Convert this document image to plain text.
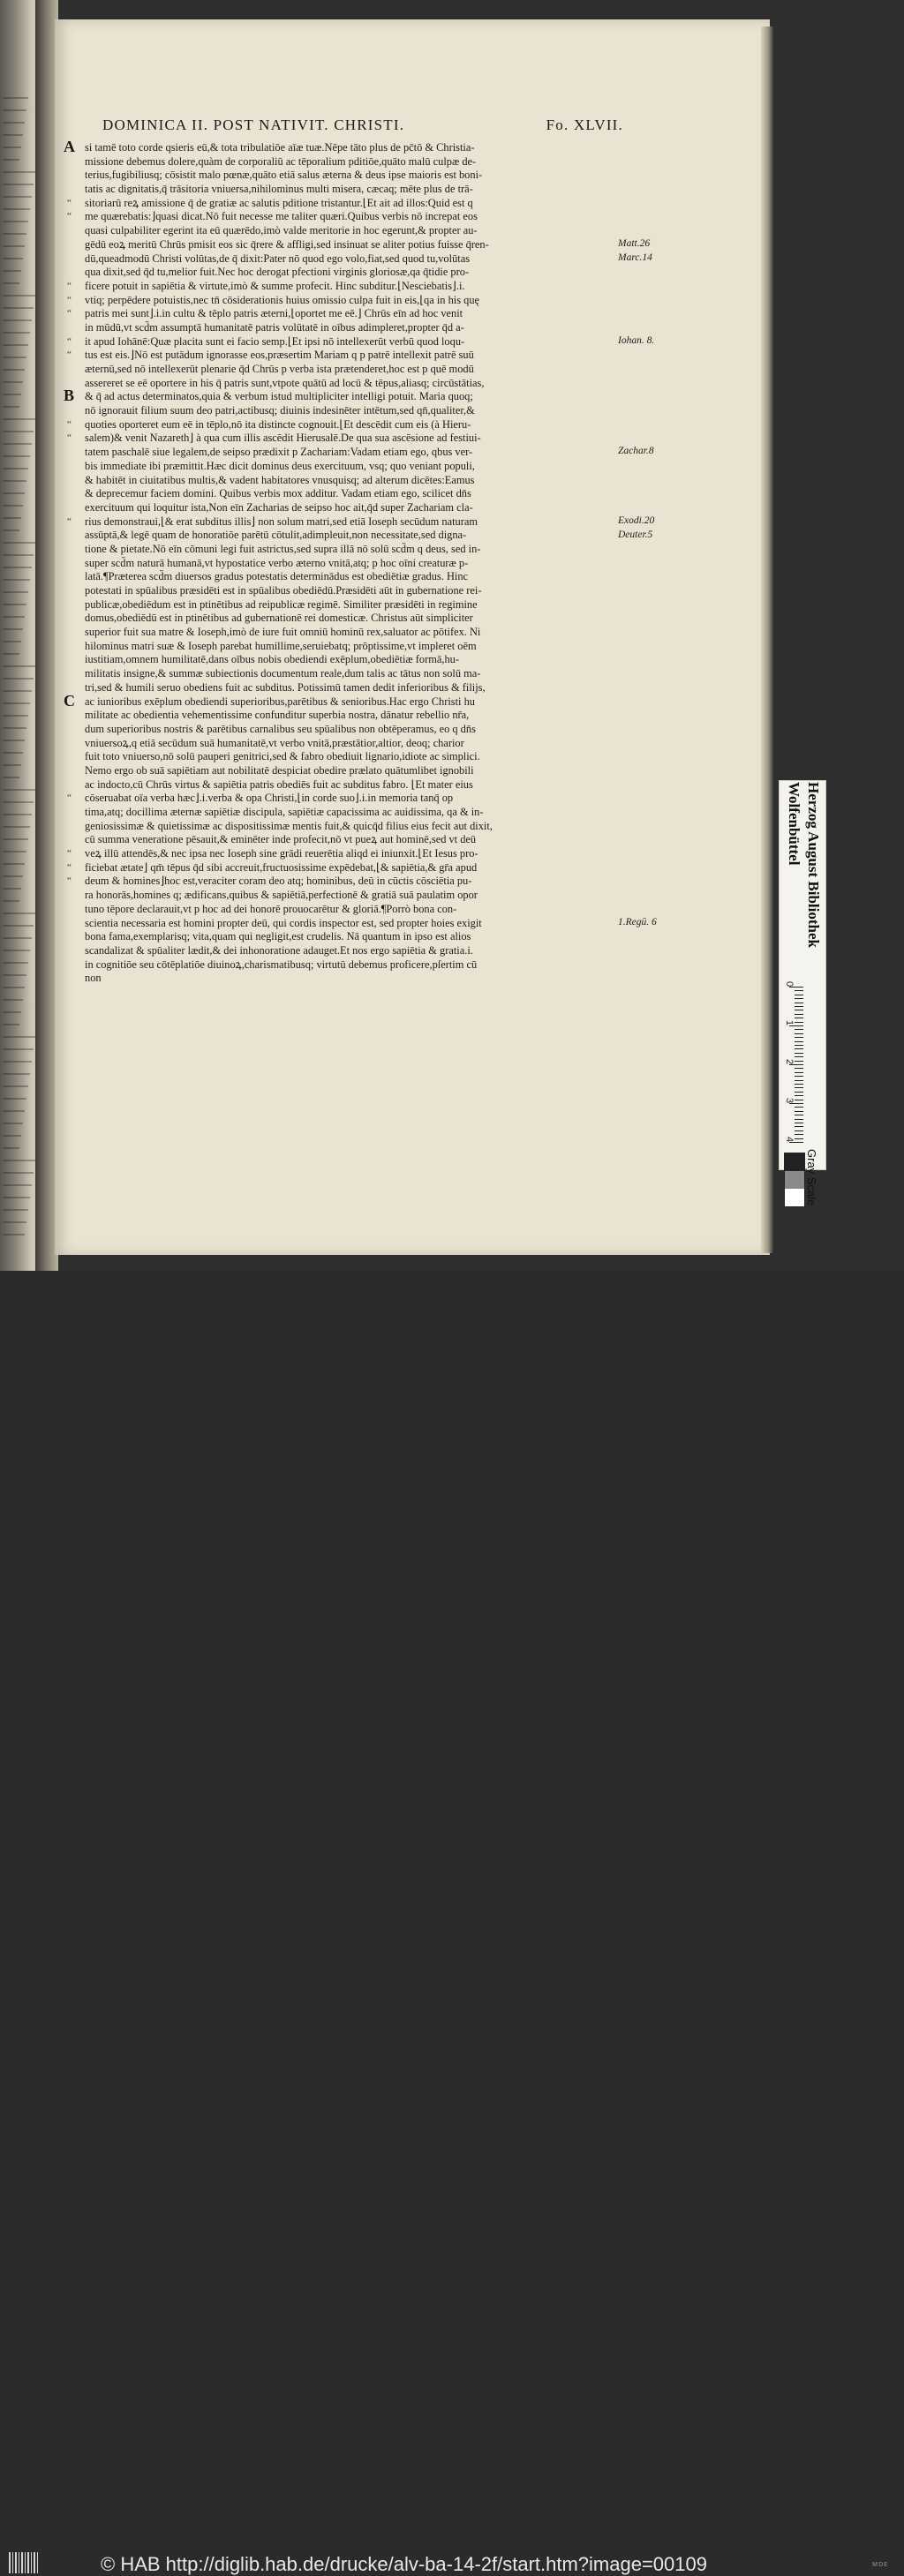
DOMINICA II. POST NATIVIT. CHRISTI.	Fo. XLVII.
A si tamē toto corde qsieris eū,& tota tribulatiōe aīæ tuæ.Nēpe tāto plus de pc̄tō & Christia-
missione debemus dolere,quàm de corporaliū ac tēporalium pditiōe,quāto malū culpæ de-
terius,fugibiliusq; cōsistit malo pœnæ,quāto etiā salus æterna & deus ipse maioris est boni-
tatis ac dignitatis,q̄ trāsitoria vniuersa,nihilominus multi misera, cæcaq; mēte plus de trā-
“ sitoriarū reꝝ amissione q̄ de gratiæ ac salutis pditione tristantur.⌊Et ait ad illos:Quid est q
“ me quærebatis:⌋quasi dicat.Nō fuit necesse me taliter quæri.Quibus verbis nō increpat eos
quasi culpabiliter egerint ita eū quærēdo,imò valde meritorie in hoc egerunt,& propter au-
gēdū eoꝝ meritū Chrūs pmisit eos sic q̄rere & affligi,sed insinuat se aliter potius fuisse q̄ren-
dū,queadmodū Christi volūtas,de q̄ dixit:Pater nō quod ego volo,fiat,sed quod tu,volūtas
qua dixit,sed q̄d tu,melior fuit.Nec hoc derogat pfectioni virginis gloriosæ,qa q̄tidie pro-
“ ficere potuit in sapiētia & virtute,imò & summe profecit. Hinc subditur.⌊Nesciebatis⌋.i.
“ vtiq; perpēdere potuistis,nec tn̄ cōsiderationis huius omissio culpa fuit in eis,⌊qa in his quę
“ patris mei sunt⌋.i.in cultu & tēplo patris æterni,⌊oportet me eē.⌋ Chrūs eīn ad hoc venit
in mūdū,vt scd̄m assumptā humanitatē patris volūtatē in oībus adimpleret,propter q̄d a-
“ it apud Iohānē:Quæ placita sunt ei facio semp.⌊Et ipsi nō intellexerūt verbū quod loqu-
“ tus est eis.⌋Nō est putādum ignorasse eos,præsertim Mariam q p patrē intellexit patrē suū
æternū,sed nō intellexerūt plenarie q̄d Chrūs p verba ista prætenderet,hoc est p quē modū
assereret se eē oportere in his q̄ patris sunt,vtpote quātū ad locū & tēpus,aliasq; circūstātias,
B & q̄ ad actus determinatos,quia & verbum istud multipliciter intelligi potuit. Maria quoq;
nō ignorauit filium suum deo patri,actibusq; diuinis indesinēter intētum,sed qn̄,qualiter,&
“ quoties oporteret eum eē in tēplo,nō ita distincte cognouit.⌊Et descēdit cum eis (à Hieru-
“ salem)& venit Nazareth⌋ à qua cum illis ascēdit Hierusalē.De qua sua ascēsione ad festiui-
tatem paschalē siue legalem,de seipso prædixit p Zachariam:Vadam etiam ego, qbus ver-
bis immediate ibi præmittit.Hæc dicit dominus deus exercituum, vsq; quo veniant populi,
& habitēt in ciuitatibus multis,& vadent habitatores vnusquisq; ad alterum dicētes:Eamus
& deprecemur faciem domini. Quibus verbis mox additur. Vadam etiam ego, scilicet dn̄s
exercituum qui loquitur ista,Non eīn Zacharias de seipso hoc ait,q̄d super Zachariam cla-
“ rius demonstraui,⌊& erat subditus illis⌋ non solum matri,sed etiā Ioseph secūdum naturam
assūptā,& legē quam de honoratiōe parētū cōtulit,adimpleuit,non necessitate,sed digna-
tione & pietate.Nō eīn cōmuni legi fuit astrictus,sed supra illā nō solū scd̄m q deus, sed in-
super scd̄m naturā humanā,vt hypostatice verbo æterno vnitā,atq; p hoc oīni creaturæ p-
latā.¶Præterea scd̄m diuersos gradus potestatis determinādus est obediētiæ gradus. Hinc
potestati in spūalibus præsidēti est in spūalibus obediēdū.Præsidēti aūt in gubernatione rei-
publicæ,obediēdum est in ptinētibus ad reipublicæ regimē. Similiter præsidēti in regimine
domus,obediēdū est in ptinētibus ad gubernationē rei domesticæ. Christus aūt simpliciter
superior fuit sua matre & Ioseph,imò de iure fuit omniū hominū rex,saluator ac pōtifex. Ni
hilominus matri suæ & Ioseph parebat humillime,seruiebatq; prōptissime,vt impleret oēm
iustitiam,omnem humilitatē,dans oībus nobis obediendi exēplum,obediētiæ formā,hu-
militatis insigne,& summæ subiectionis documentum reale,dum talis ac tātus non solū ma-
tri,sed & humili seruo obediens fuit ac subditus. Potissimū tamen dedit inferioribus & filijs,
C ac iunioribus exēplum obediendi superioribus,parētibus & senioribus.Hac ergo Christi hu
militate ac obedientia vehementissime confunditur superbia nostra, dānatur rebellio nr̄a,
dum superioribus nostris & parētibus carnalibus seu spūalibus non obtēperamus, eo q dn̄s
vniuersoꝝ,q etiā secūdum suā humanitatē,vt verbo vnitā,præstātior,altior, deoq; charior
fuit toto vniuerso,nō solū pauperi genitrici,sed & fabro obediuit lignario,idiote ac simplici.
Nemo ergo ob suā sapiētiam aut nobilitatē despiciat obedire prælato quātumlibet ignobili
ac indocto,cū Chrūs virtus & sapiētia patris obediēs fuit ac subditus fabro. ⌊Et mater eius
“ cōseruabat oīa verba hæc⌋.i.verba & opa Christi,⌊in corde suo⌋.i.in memoria tanq̄ op
tima,atq; docillima æternæ sapiētiæ discipula, sapiētiæ capacissima ac auidissima, qa & in-
geniosissimæ & quietissimæ ac dispositissimæ mentis fuit,& quicq̄d filius eius fecit aut dixit,
cū summa veneratione pēsauit,& eminēter inde profecit,nō vt pueꝝ aut hominē,sed vt deū
“ veꝝ illū attendēs,& nec ipsa nec Ioseph sine grādi reuerētia aliqd ei iniunxit.⌊Et Iesus pro-
“ ficiebat ætate⌋ qm̄ tēpus q̄d sibi accreuit,fructuosissime expēdebat,⌊& sapiētia,& gr̄a apud
“ deum & homines⌋hoc est,veraciter coram deo atq; hominibus, deū in cūctis cōsciētia pu-
ra honorās,homines q; ædificans,quibus & sapiētiā,perfectionē & gratiā suā paulatim opor
tuno tēpore declarauit,vt p hoc ad dei honorē prouocarētur & gloriā.¶Porrò bona con-
scientia necessaria est homini propter deū, qui cordis inspector est, sed propter hoies exigit
bona fama,exemplarisq; vita,quam qui negligit,est crudelis. Nā quantum in ipso est alios
scandalizat & spūaliter lædit,& dei inhonoratione adauget.Et nos ergo sapiētia & gratia.i.
in cognitiōe seu cōtēplatiōe diuinoꝝ,charismatibusq; virtutū debemus proficere,pſertim cū
non
Matt.26
Marc.14
Iohan. 8.
Zachar.8
Exodi.20
Deuter.5
1.Regū. 6	Herzog August Bibliothek
Wolfenbüttel
0
1
2
3
4
Gray Scale
© HAB http://diglib.hab.de/drucke/alv-ba-14-2f/start.htm?image=00109	ᴍᴅᴇ
